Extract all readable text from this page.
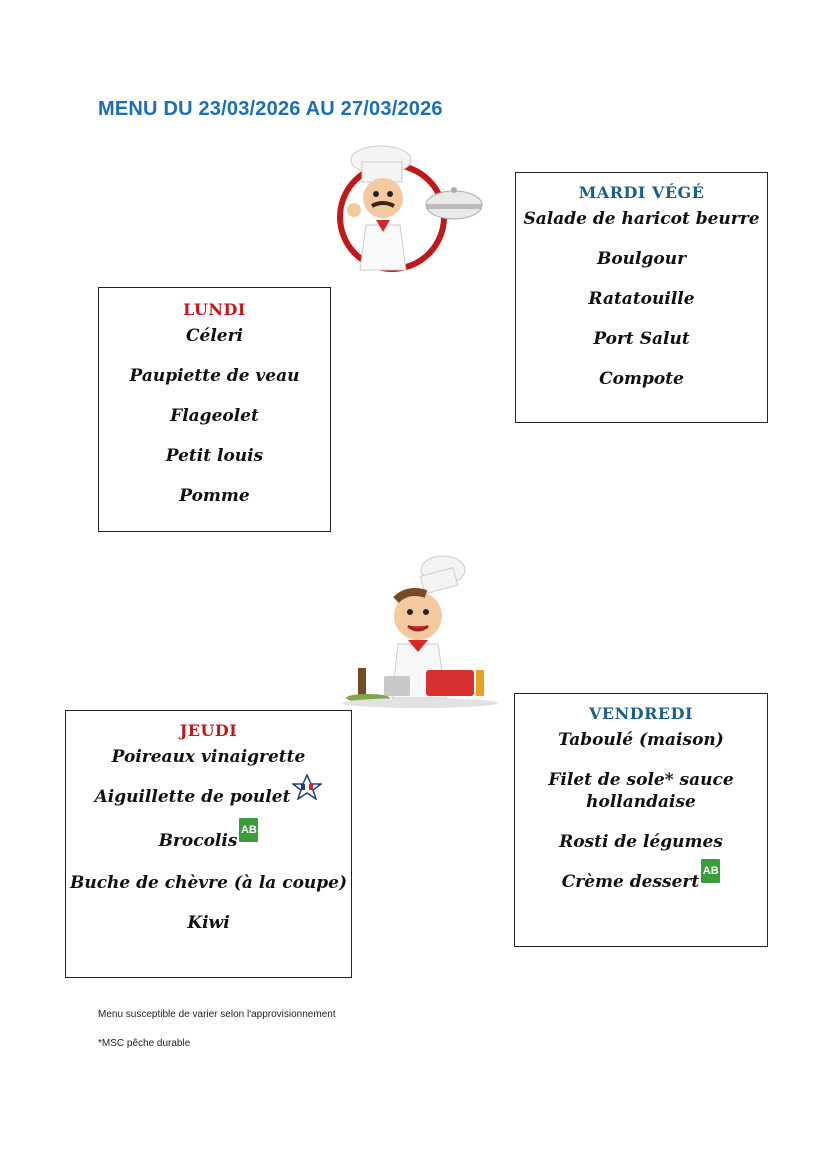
MENU DU 23/03/2026 AU 27/03/2026
LUNDI
Céleri
Paupiette de veau
Flageolet
Petit louis
Pomme
MARDI VÉGÉ
Salade de haricot beurre
Boulgour
Ratatouille
Port Salut
Compote
JEUDI
Poireaux vinaigrette
Aiguillette de poulet
BrocolisAB
Buche de chèvre (à la coupe)
Kiwi
VENDREDI
Taboulé (maison)
Filet de sole* sauce hollandaise
Rosti de légumes
Crème dessertAB
Menu susceptible de varier selon l'approvisionnement
*MSC pêche durable
